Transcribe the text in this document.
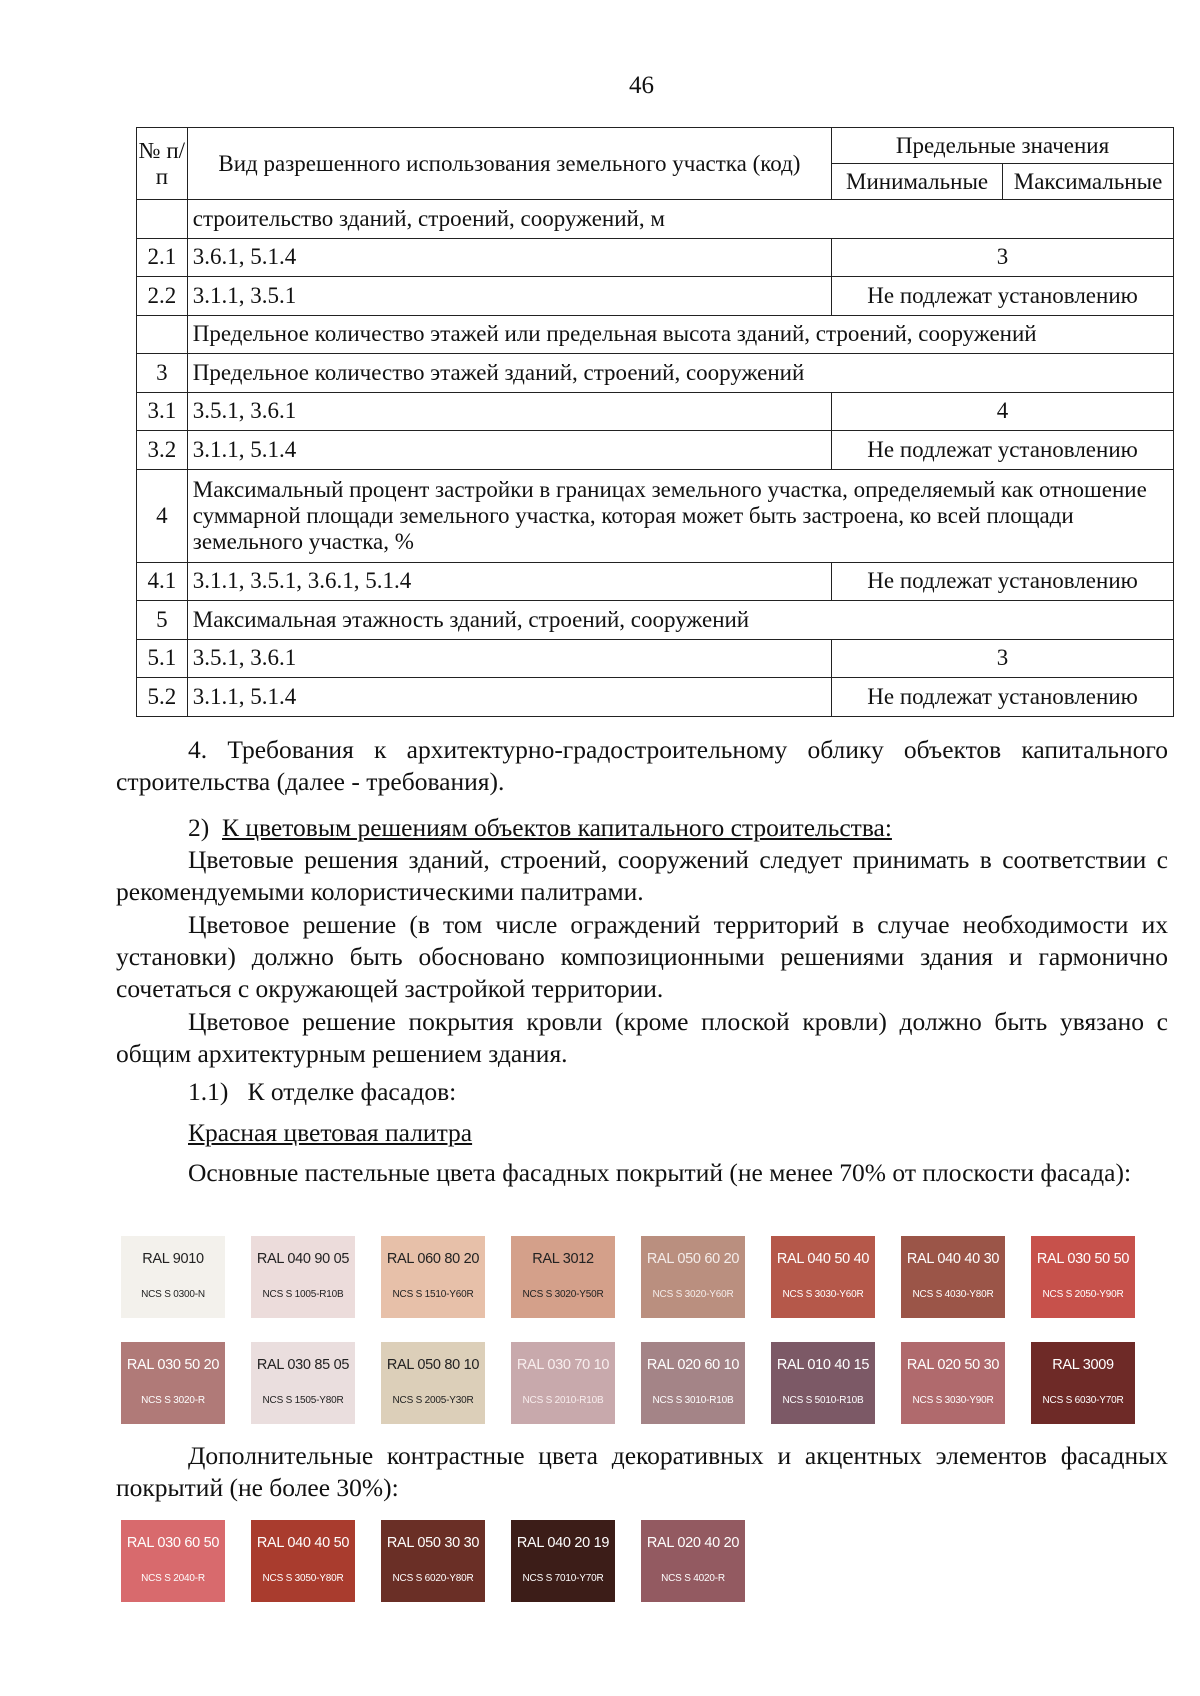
46
№ п/п	Вид разрешенного использования земельного участка (код)	Предельные значения	
		Минимальные	Максимальные
	строительство зданий, строений, сооружений, м		
2.1	3.6.1, 5.1.4	3	
2.2	3.1.1, 3.5.1	Не подлежат установлению	
	Предельное количество этажей или предельная высота зданий, строений, сооружений		
3	Предельное количество этажей зданий, строений, сооружений		
3.1	3.5.1, 3.6.1	4	
3.2	3.1.1, 5.1.4	Не подлежат установлению	
4	Максимальный процент застройки в границах земельного участка, определяемый как отношение суммарной площади земельного участка, которая может быть застроена, ко всей площади земельного участка, %		
4.1	3.1.1, 3.5.1, 3.6.1, 5.1.4	Не подлежат установлению	
5	Максимальная этажность зданий, строений, сооружений		
5.1	3.5.1, 3.6.1	3	
5.2	3.1.1, 5.1.4	Не подлежат установлению	
4. Требования к архитектурно-градостроительному облику объектов капитального строительства (далее - требования).
2) К цветовым решениям объектов капитального строительства:
Цветовые решения зданий, строений, сооружений следует принимать в соответствии с рекомендуемыми колористическими палитрами.
Цветовое решение (в том числе ограждений территорий в случае необходимости их установки) должно быть обосновано композиционными решениями здания и гармонично сочетаться с окружающей застройкой территории.
Цветовое решение покрытия кровли (кроме плоской кровли) должно быть увязано с общим архитектурным решением здания.
1.1)   К отделке фасадов:
Красная цветовая палитра
Основные пастельные цвета фасадных покрытий (не менее 70% от плоскости фасада):
RAL 9010
NCS S 0300-N
RAL 040 90 05
NCS S 1005-R10B
RAL 060 80 20
NCS S 1510-Y60R
RAL 3012
NCS S 3020-Y50R
RAL 050 60 20
NCS S 3020-Y60R
RAL 040 50 40
NCS S 3030-Y60R
RAL 040 40 30
NCS S 4030-Y80R
RAL 030 50 50
NCS S 2050-Y90R
RAL 030 50 20
NCS S 3020-R
RAL 030 85 05
NCS S 1505-Y80R
RAL 050 80 10
NCS S 2005-Y30R
RAL 030 70 10
NCS S 2010-R10B
RAL 020 60 10
NCS S 3010-R10B
RAL 010 40 15
NCS S 5010-R10B
RAL 020 50 30
NCS S 3030-Y90R
RAL 3009
NCS S 6030-Y70R
Дополнительные контрастные цвета декоративных и акцентных элементов фасадных покрытий (не более 30%):
RAL 030 60 50
NCS S 2040-R
RAL 040 40 50
NCS S 3050-Y80R
RAL 050 30 30
NCS S 6020-Y80R
RAL 040 20 19
NCS S 7010-Y70R
RAL 020 40 20
NCS S 4020-R
